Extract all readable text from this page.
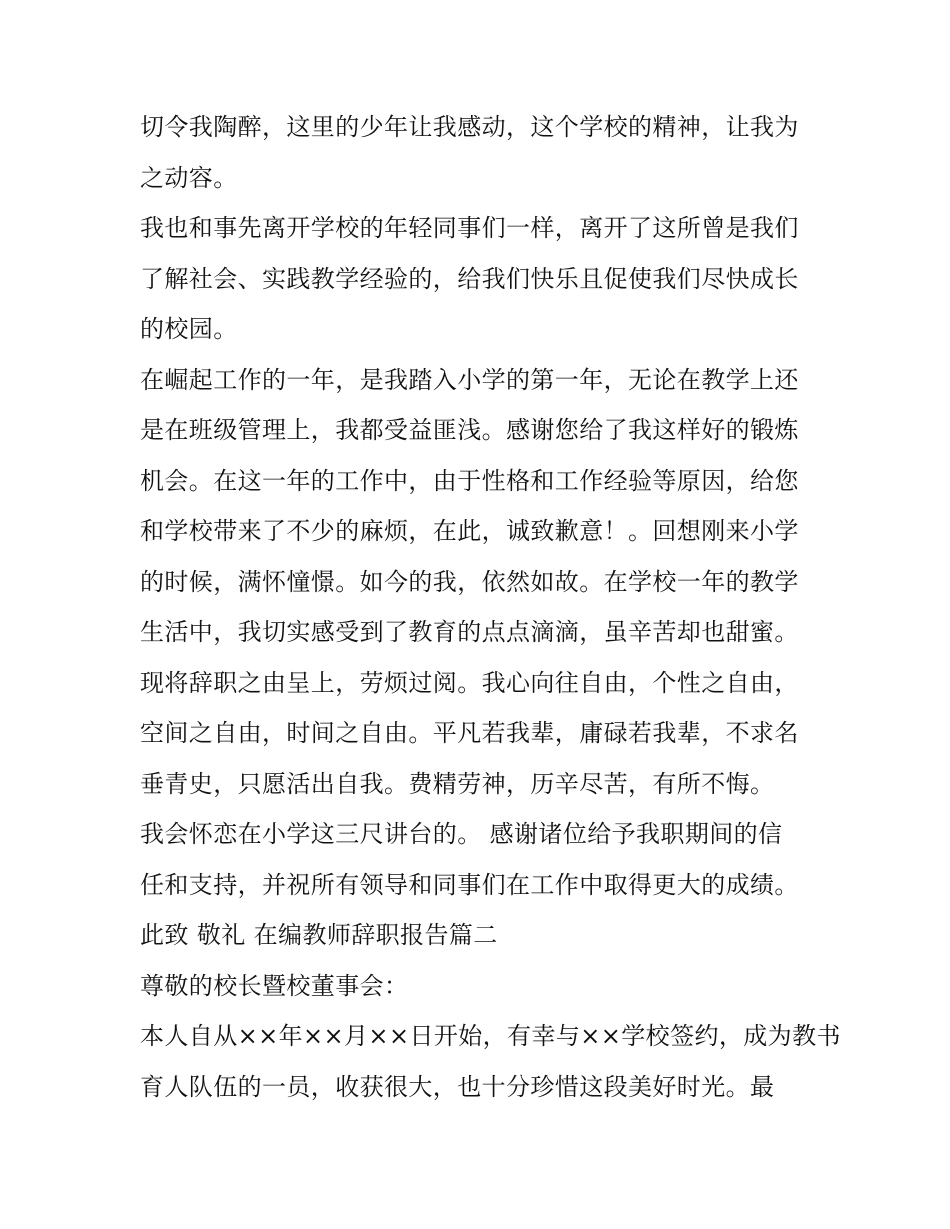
切令我陶醉，这里的少年让我感动，这个学校的精神，让我为
之动容。
我也和事先离开学校的年轻同事们一样，离开了这所曾是我们
了解社会、实践教学经验的，给我们快乐且促使我们尽快成长
的校园。
在崛起工作的一年，是我踏入小学的第一年，无论在教学上还
是在班级管理上，我都受益匪浅。感谢您给了我这样好的锻炼
机会。在这一年的工作中，由于性格和工作经验等原因，给您
和学校带来了不少的麻烦，在此，诚致歉意！。回想刚来小学
的时候，满怀憧憬。如今的我，依然如故。在学校一年的教学
生活中，我切实感受到了教育的点点滴滴，虽辛苦却也甜蜜。
现将辞职之由呈上，劳烦过阅。我心向往自由，个性之自由，
空间之自由，时间之自由。平凡若我辈，庸碌若我辈，不求名
垂青史，只愿活出自我。费精劳神，历辛尽苦，有所不悔。
我会怀恋在小学这三尺讲台的。 感谢诸位给予我职期间的信
任和支持，并祝所有领导和同事们在工作中取得更大的成绩。
此致 敬礼 在编教师辞职报告篇二
尊敬的校长暨校董事会：
本人自从××年××月××日开始，有幸与××学校签约，成为教书
育人队伍的一员，收获很大，也十分珍惜这段美好时光。最
